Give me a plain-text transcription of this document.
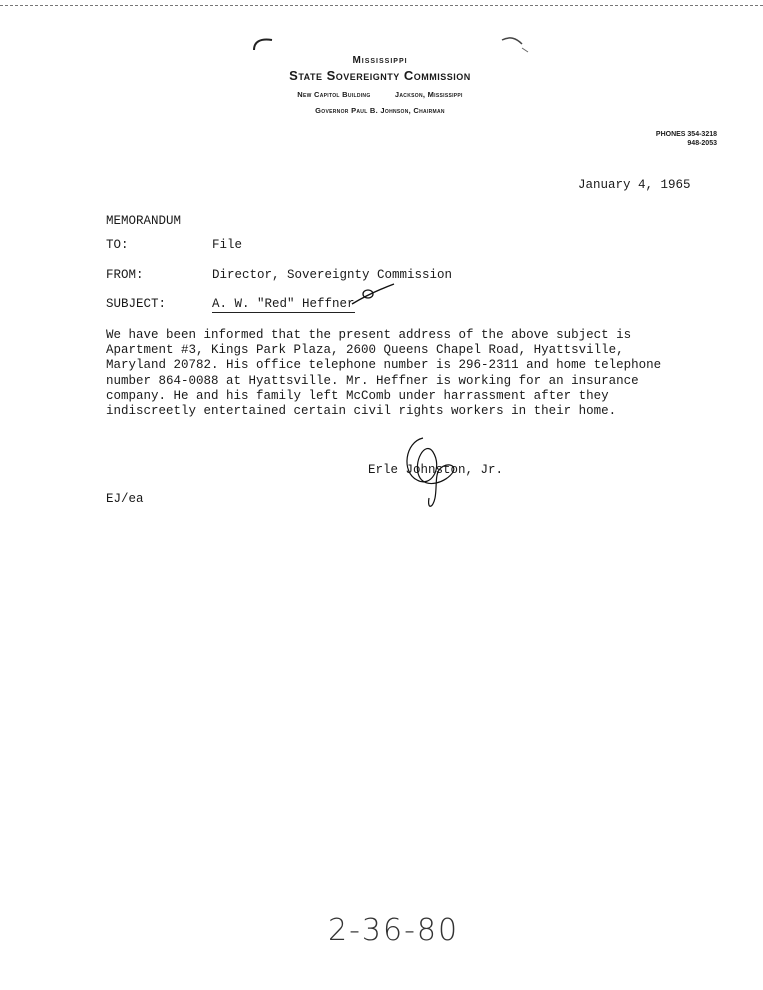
Mississippi
State Sovereignty Commission
New Capitol Building	Jackson, Mississippi
Governor Paul B. Johnson, Chairman
PHONES 354-3218
948-2053
January 4, 1965
MEMORANDUM
TO:	File
FROM:	Director, Sovereignty Commission
SUBJECT:	A. W. "Red" Heffner
We have been informed that the present address of the above subject is
Apartment #3, Kings Park Plaza, 2600 Queens Chapel Road, Hyattsville,
Maryland 20782. His office telephone number is 296-2311 and home telephone
number 864-0088 at Hyattsville. Mr. Heffner is working for an insurance
company. He and his family left McComb under harrassment after they
indiscreetly entertained certain civil rights workers in their home.
Erle Johnston, Jr.
EJ/ea
2-36-80
